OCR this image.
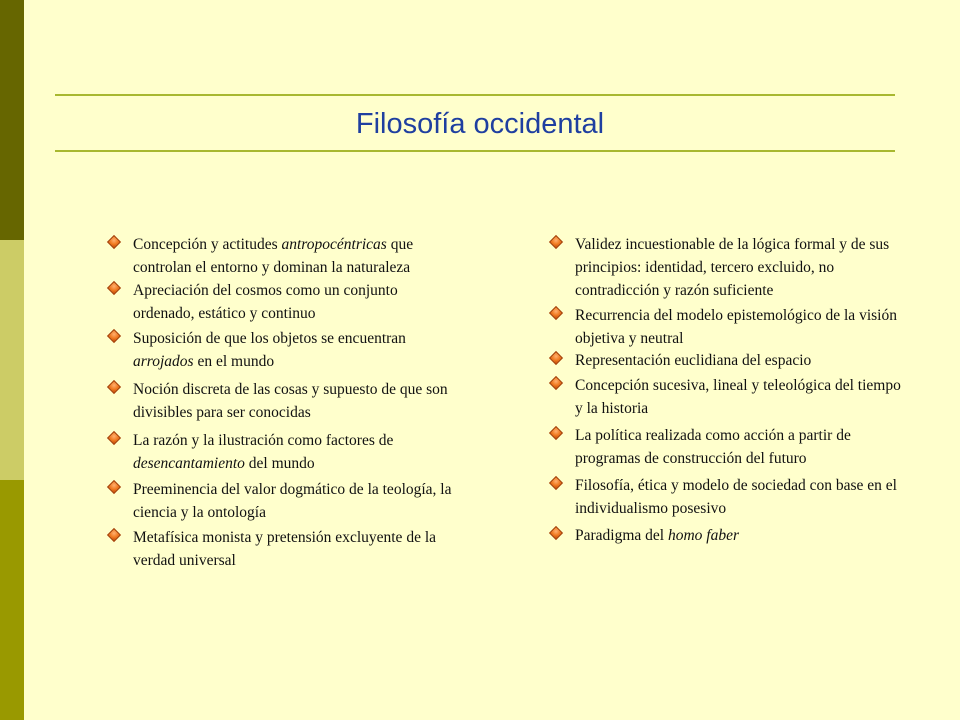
Filosofía occidental
Concepción y actitudes antropocéntricas que controlan el entorno y dominan la naturaleza
Apreciación del cosmos como un conjunto ordenado, estático y continuo
Suposición de que los objetos se encuentran arrojados en el mundo
Noción discreta de las cosas y supuesto de que son divisibles para ser conocidas
La razón y la ilustración como factores de desencantamiento del mundo
Preeminencia del valor dogmático de la teología, la ciencia y la ontología
Metafísica monista y pretensión excluyente de la verdad universal
Validez incuestionable de la lógica formal y de sus principios: identidad, tercero excluido, no contradicción y razón suficiente
Recurrencia del modelo epistemológico de la visión objetiva y neutral
Representación euclidiana del espacio
Concepción sucesiva, lineal y teleológica del tiempo y la historia
La política realizada como acción a partir de programas de construcción del futuro
Filosofía, ética y modelo de sociedad con base en el individualismo posesivo
Paradigma del homo faber
